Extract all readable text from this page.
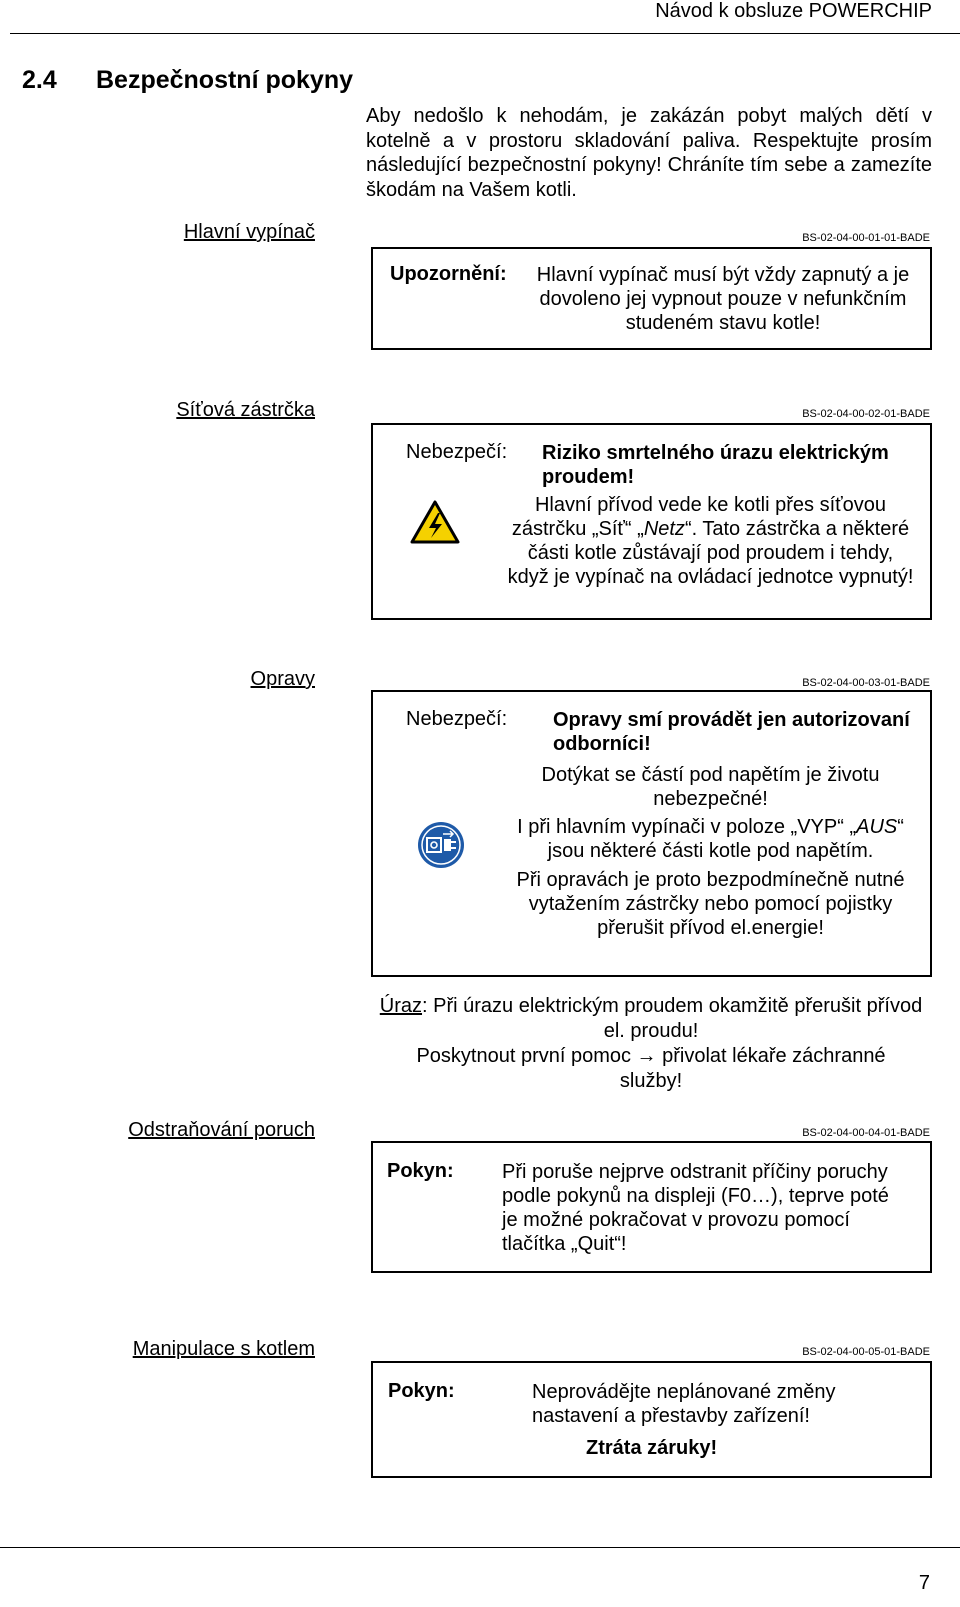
Návod k obsluze POWERCHIP
2.4 Bezpečnostní pokyny
Aby nedošlo k nehodám, je zakázán pobyt malých dětí v kotelně a v prostoru skladování paliva. Respektujte prosím následující bezpečnostní pokyny! Chráníte tím sebe a zamezíte škodám na Vašem kotli.
Hlavní vypínač	BS-02-04-00-01-01-BADE
Upozornění:	Hlavní vypínač musí být vždy zapnutý a je
dovoleno jej vypnout pouze v nefunkčním
studeném stavu kotle!
Síťová zástrčka	BS-02-04-00-02-01-BADE
Nebezpečí: Riziko smrtelného úrazu elektrickým
proudem!
Hlavní přívod vede ke kotli přes síťovou
zástrčku „Síť“ „Netz“. Tato zástrčka a některé
části kotle zůstávají pod proudem i tehdy,
když je vypínač na ovládací jednotce vypnutý!
Opravy	BS-02-04-00-03-01-BADE
Nebezpečí: Opravy smí provádět jen autorizovaní
odborníci!
Dotýkat se částí pod napětím je životu
nebezpečné!
I při hlavním vypínači v poloze „VYP“ „AUS“
jsou některé části kotle pod napětím.
Při opravách je proto bezpodmínečně nutné
vytažením zástrčky nebo pomocí pojistky
přerušit přívod el.energie!
Úraz: Při úrazu elektrickým proudem okamžitě přerušit přívod
el. proudu!
Poskytnout první pomoc → přivolat lékaře záchranné
služby!
Odstraňování poruch	BS-02-04-00-04-01-BADE
Pokyn: Při poruše nejprve odstranit příčiny poruchy
podle pokynů na displeji (F0…), teprve poté
je možné pokračovat v provozu pomocí
tlačítka „Quit“!
Manipulace s kotlem	BS-02-04-00-05-01-BADE
Pokyn:	Neprovádějte neplánované změny
nastavení a přestavby zařízení!
Ztráta záruky!
7
